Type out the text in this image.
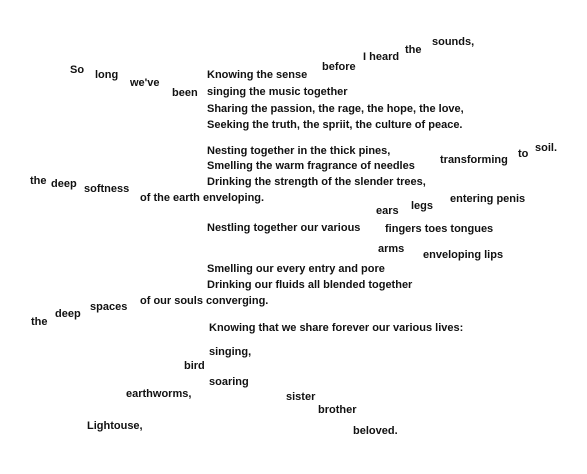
So long
we've
been
before
I heard
the
sounds,
Knowing the sense
singing the music together
Sharing the passion, the rage, the hope, the love,
Seeking the truth, the spriit, the culture of peace.
Nesting together in the thick pines,
Smelling the warm fragrance of needles
Drinking the strength of the slender trees,
of the earth enveloping.
transforming to soil.
the deep softness
ears legs
entering penis
Nestling together our various fingers toes tongues
arms enveloping lips
Smelling our every entry and pore
Drinking our fluids all blended together
of our souls converging.
spaces
deep
the	Knowing that we share forever our various lives:
singing,
bird
soaring
earthworms,	sister
brother
Lightouse,	beloved.
